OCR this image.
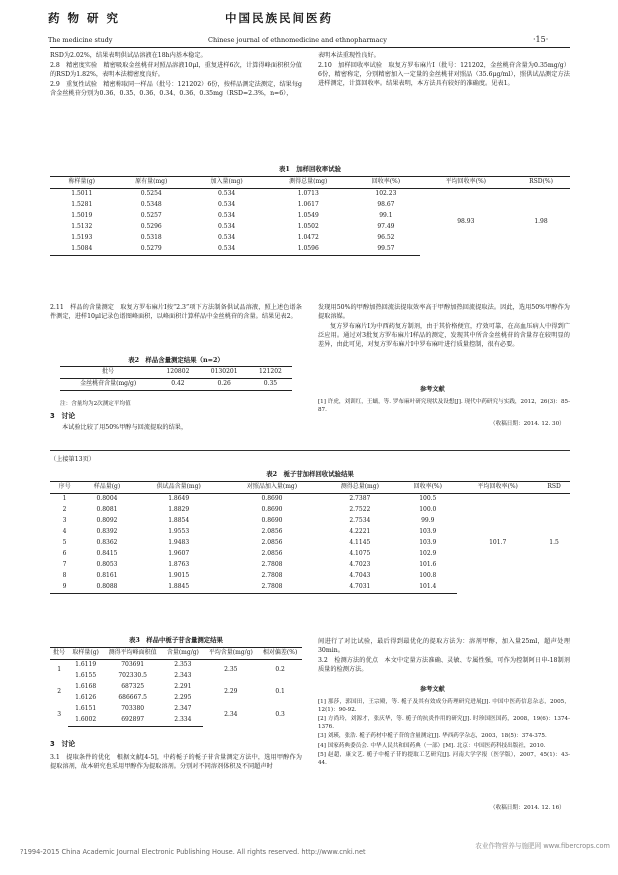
药 物 研 究	中国民族民间医药
The medicine study	Chinese journal of ethnomedicine and ethnopharmacy	·15·

RSD为2.02%，结果表明供试品溶液在18h内基本稳定。

2.8　精密度实验　精密吸取金丝桃苷对照品溶液10μl，重复进样6次，计算得峰面积积分值的RSD为1.82%，表明本法精密度良好。

2.9　重复性试验　精密称取同一样品（批号：121202）6份，按样品测定法测定，结果每g含金丝桃苷分别为0.36、0.35、0.36、0.34、0.36、0.35mg（RSD=2.3%，n=6），

表明本法重现性良好。

2.10　加样回收率试验　取复方罗布麻片Ⅰ（批号：121202，金丝桃苷含量为0.35mg/g）6份，精密称定，分别精密加入一定量的金丝桃苷对照品（35.6μg/ml），照供试品测定方法进样测定，计算回收率。结果表明，本方法具有较好的准确度。见表1。

表1　加样回收率试验
称样量(g)	原有量(mg)	加入量(mg)	测得总量(mg)	回收率(%)	平均回收率(%)	RSD(%)
1.5011	0.5254	0.534	1.0713	102.23	98.93	1.98
1.5281	0.5348	0.534	1.0617	98.67		
1.5019	0.5257	0.534	1.0549	99.1		
1.5132	0.5296	0.534	1.0502	97.49		
1.5193	0.5318	0.534	1.0472	96.52		
1.5084	0.5279	0.534	1.0596	99.57		

2.11　样品的含量测定　取复方罗布麻片Ⅰ按“2.3”项下方法制备供试品溶液，照上述色谱条件测定，进样10μl记录色谱图峰面积，以峰面积计算样品中金丝桃苷的含量。结果见表2。

表2　样品含量测定结果（n=2）
批号	120802	0130201	121202
金丝桃苷含量(mg/g)	0.42	0.26	0.35
注：含量均为2次测定平均值
3　讨论
本试验比较了用50%甲醇与回流提取的结果，

发现用50%的甲醇加热回流法提取效率高于甲醇加热回流提取法。因此，选用50%甲醇作为提取溶媒。

复方罗布麻片Ⅰ为中西药复方制剂，由于其价格便宜，疗效可靠，在高血压病人中得到广泛应用。通过对3批复方罗布麻片Ⅰ样品的测定，发现其中所含金丝桃苷的含量存在较明显的差异，由此可见，对复方罗布麻片Ⅰ中罗布麻叶进行质量控制，很有必要。

参考文献

[1] 许虎，刘训红，王螭，等. 罗布麻叶研究现状及设想[J]. 现代中药研究与实践，2012，26(3)：85-87.

（收稿日期：2014. 12. 30）
（上接第13页）
表2　栀子苷加样回收试验结果
序号	样品量(g)	供试品含量(mg)	对照品加入量(mg)	测得总量(mg)	回收率(%)	平均回收率(%)	RSD
1	0.8004	1.8649	0.8690	2.7387	100.5	101.7	1.5
2	0.8081	1.8829	0.8690	2.7522	100.0		
3	0.8092	1.8854	0.8690	2.7534	99.9		
4	0.8392	1.9553	2.0856	4.2221	103.9		
5	0.8362	1.9483	2.0856	4.1145	103.9		
6	0.8415	1.9607	2.0856	4.1075	102.9		
7	0.8053	1.8763	2.7808	4.7023	101.6		
8	0.8161	1.9015	2.7808	4.7043	100.8		
9	0.8088	1.8845	2.7808	4.7031	101.4		
表3　样品中栀子苷含量测定结果
批号	取样量(g)	测得平均峰面积值	含量(mg/g)	平均含量(mg/g)	相对偏差(%)
1	1.6119	703691	2.353	2.35	0.2
	1.6155	702330.5	2.343		
2	1.6168	687325	2.291	2.29	0.1
	1.6126	686667.5	2.295		
3	1.6151	703380	2.347	2.34	0.3
	1.6002	692897	2.334		
3　讨论

3.1　提取条件的优化　根据文献[4-5]，中药栀子的栀子苷含量测定方法中，选用甲醇作为提取溶剂，故本研究也采用甲醇作为提取溶剂。分别对不同溶剂体积及不同超声时

间进行了对比试验，最后得到最优化的提取方法为：溶剂甲醇，加入量25ml，超声处理30min。

3.2　检测方法的优点　本文中定量方法准确、灵敏、专属性强，可作为控制阿日申-18制剂质量的检测方法。

参考文献

[1] 那莎，郭国田，王宗殿，等. 栀子及其有效成分药理研究进展[J]. 中国中医药信息杂志，2005，12(1)：90-92.

[2] 方尚玲，刘源才，张庆华，等. 栀子的抗炎作用的研究[J]. 时珍国医国药，2008，19(6)：1374-1376.

[3] 刘瑛，张浩. 栀子药材中栀子苷的含量测定[J]. 华西药学杂志，2003，18(5)：374-375.

[4] 国家药典委员会. 中华人民共和国药典（一部）[M]. 北京：中国医药科技出版社，2010.

[5] 赵超，康文艺. 栀子中栀子苷的提取工艺研究[J]. 河南大学学报（医学版），2007，45(1)：43-44.

（收稿日期：2014. 12. 16）
?1994-2015 China Academic Journal Electronic Publishing House. All rights reserved. http://www.cnki.net
农业作物营养与施肥网 www.fibercrops.com
